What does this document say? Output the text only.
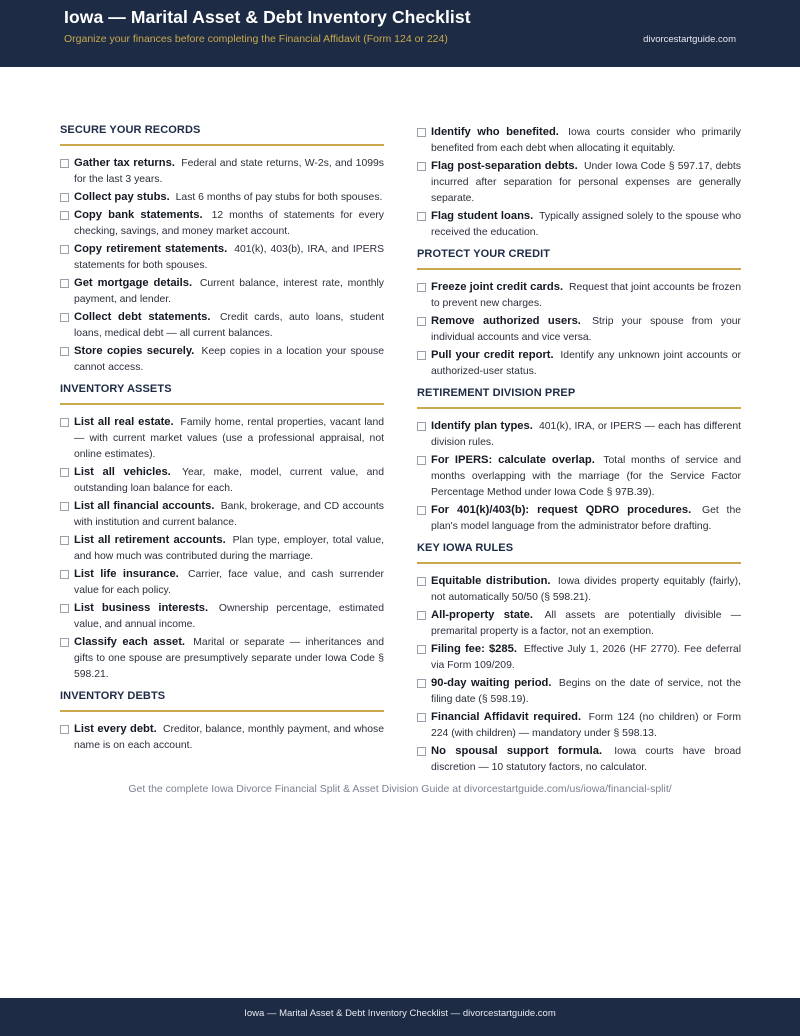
Iowa — Marital Asset & Debt Inventory Checklist
Organize your finances before completing the Financial Affidavit (Form 124 or 224)	divorcestartguide.com
SECURE YOUR RECORDS
Gather tax returns. Federal and state returns, W-2s, and 1099s for the last 3 years.
Collect pay stubs. Last 6 months of pay stubs for both spouses.
Copy bank statements. 12 months of statements for every checking, savings, and money market account.
Copy retirement statements. 401(k), 403(b), IRA, and IPERS statements for both spouses.
Get mortgage details. Current balance, interest rate, monthly payment, and lender.
Collect debt statements. Credit cards, auto loans, student loans, medical debt — all current balances.
Store copies securely. Keep copies in a location your spouse cannot access.
INVENTORY ASSETS
List all real estate. Family home, rental properties, vacant land — with current market values (use a professional appraisal, not online estimates).
List all vehicles. Year, make, model, current value, and outstanding loan balance for each.
List all financial accounts. Bank, brokerage, and CD accounts with institution and current balance.
List all retirement accounts. Plan type, employer, total value, and how much was contributed during the marriage.
List life insurance. Carrier, face value, and cash surrender value for each policy.
List business interests. Ownership percentage, estimated value, and annual income.
Classify each asset. Marital or separate — inheritances and gifts to one spouse are presumptively separate under Iowa Code § 598.21.
INVENTORY DEBTS
List every debt. Creditor, balance, monthly payment, and whose name is on each account.
Identify who benefited. Iowa courts consider who primarily benefited from each debt when allocating it equitably.
Flag post-separation debts. Under Iowa Code § 597.17, debts incurred after separation for personal expenses are generally separate.
Flag student loans. Typically assigned solely to the spouse who received the education.
PROTECT YOUR CREDIT
Freeze joint credit cards. Request that joint accounts be frozen to prevent new charges.
Remove authorized users. Strip your spouse from your individual accounts and vice versa.
Pull your credit report. Identify any unknown joint accounts or authorized-user status.
RETIREMENT DIVISION PREP
Identify plan types. 401(k), IRA, or IPERS — each has different division rules.
For IPERS: calculate overlap. Total months of service and months overlapping with the marriage (for the Service Factor Percentage Method under Iowa Code § 97B.39).
For 401(k)/403(b): request QDRO procedures. Get the plan's model language from the administrator before drafting.
KEY IOWA RULES
Equitable distribution. Iowa divides property equitably (fairly), not automatically 50/50 (§ 598.21).
All-property state. All assets are potentially divisible — premarital property is a factor, not an exemption.
Filing fee: $285. Effective July 1, 2026 (HF 2770). Fee deferral via Form 109/209.
90-day waiting period. Begins on the date of service, not the filing date (§ 598.19).
Financial Affidavit required. Form 124 (no children) or Form 224 (with children) — mandatory under § 598.13.
No spousal support formula. Iowa courts have broad discretion — 10 statutory factors, no calculator.
Get the complete Iowa Divorce Financial Split & Asset Division Guide at divorcestartguide.com/us/iowa/financial-split/
Iowa — Marital Asset & Debt Inventory Checklist — divorcestartguide.com
